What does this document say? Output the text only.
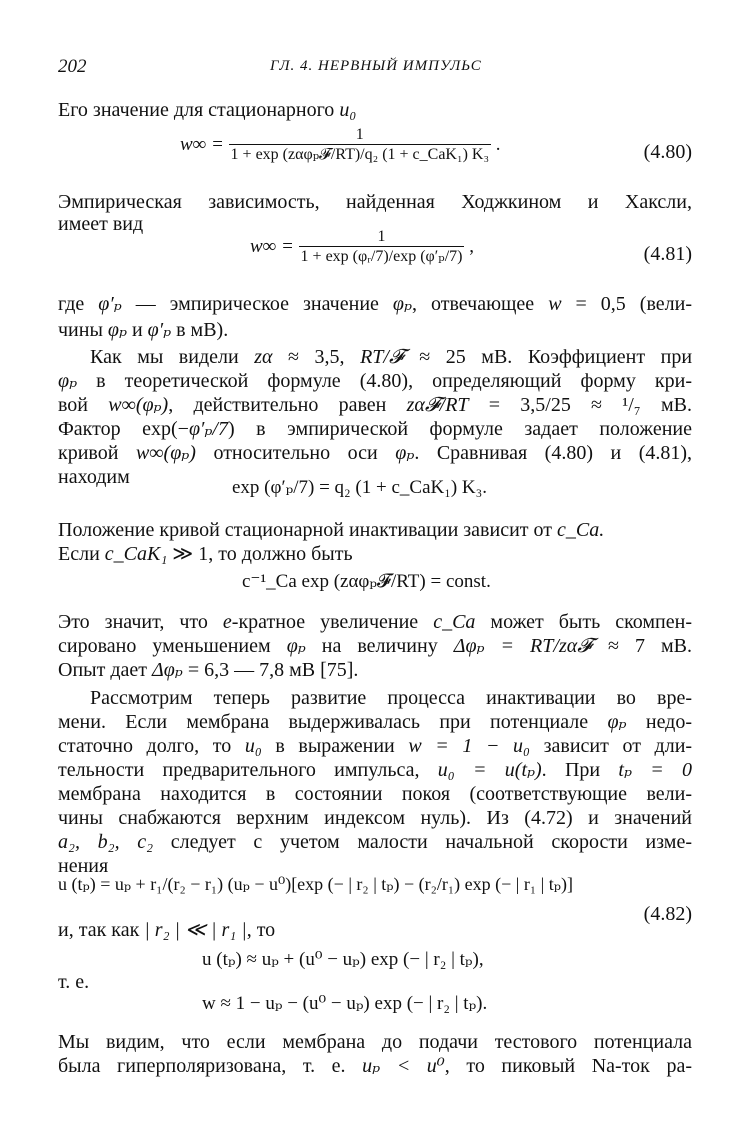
202	ГЛ. 4. НЕРВНЫЙ ИМПУЛЬС
Его значение для стационарного u₀
$w\infty = \frac{1}{\text{1 + exp (zαφₚ𝓕/RT)/q₂ (1 + c\_CaK₁) K₃}}$ .	(4.80)
Эмпирическая зависимость, найденная Ходжкином и Хаксли,
имеет вид
$w\infty = \frac{1}{\text{1 + exp (φᵣ/7)/exp (φ′ₚ/7)}}$ ,	(4.81)
где φ′ₚ — эмпирическое значение φₚ, отвечающее w = 0,5 (вели-
чины φₚ и φ′ₚ в мВ).
Как мы видели zα ≈ 3,5, RT/𝓕 ≈ 25 мВ. Коэффициент при
φₚ в теоретической формуле (4.80), определяющий форму кри-
вой w∞(φₚ), действительно равен zα𝓕/RT = 3,5/25 ≈ ¹/₇ мВ.
Фактор exp(−φ′ₚ/7) в эмпирической формуле задает положение
кривой w∞(φₚ) относительно оси φₚ. Сравнивая (4.80) и (4.81),
находим	exp (φ′ₚ/7) = q₂ (1 + c_CaK₁) K₃.
Положение кривой стационарной инактивации зависит от c_Ca.
Если c_CaK₁ ≫ 1, то должно быть
c⁻¹_Ca exp (zαφₚ𝓕/RT) = const.
Это значит, что e-кратное увеличение c_Ca может быть скомпен-
сировано уменьшением φₚ на величину Δφₚ = RT/zα𝓕 ≈ 7 мВ.
Опыт дает Δφₚ = 6,3 — 7,8 мВ [75].
Рассмотрим теперь развитие процесса инактивации во вре-
мени. Если мембрана выдерживалась при потенциале φₚ недо-
статочно долго, то u₀ в выражении w = 1 − u₀ зависит от дли-
тельности предварительного импульса, u₀ = u(tₚ). При tₚ = 0
мембрана находится в состоянии покоя (соответствующие вели-
чины снабжаются верхним индексом нуль). Из (4.72) и значений
a₂, b₂, c₂ следует с учетом малости начальной скорости изме-
нения
u (tₚ) = uₚ + r₁/(r₂ − r₁) (uₚ − u⁰)[exp (− | r₂ | tₚ) − (r₂/r₁) exp (− | r₁ | tₚ)]
(4.82)
и, так как | r₂ | ≪ | r₁ |, то
u (tₚ) ≈ uₚ + (u⁰ − uₚ) exp (− | r₂ | tₚ),
т. е.
w ≈ 1 − uₚ − (u⁰ − uₚ) exp (− | r₂ | tₚ).
Мы видим, что если мембрана до подачи тестового потенциала
была гиперполяризована, т. е. uₚ < u⁰, то пиковый Na-ток ра-
